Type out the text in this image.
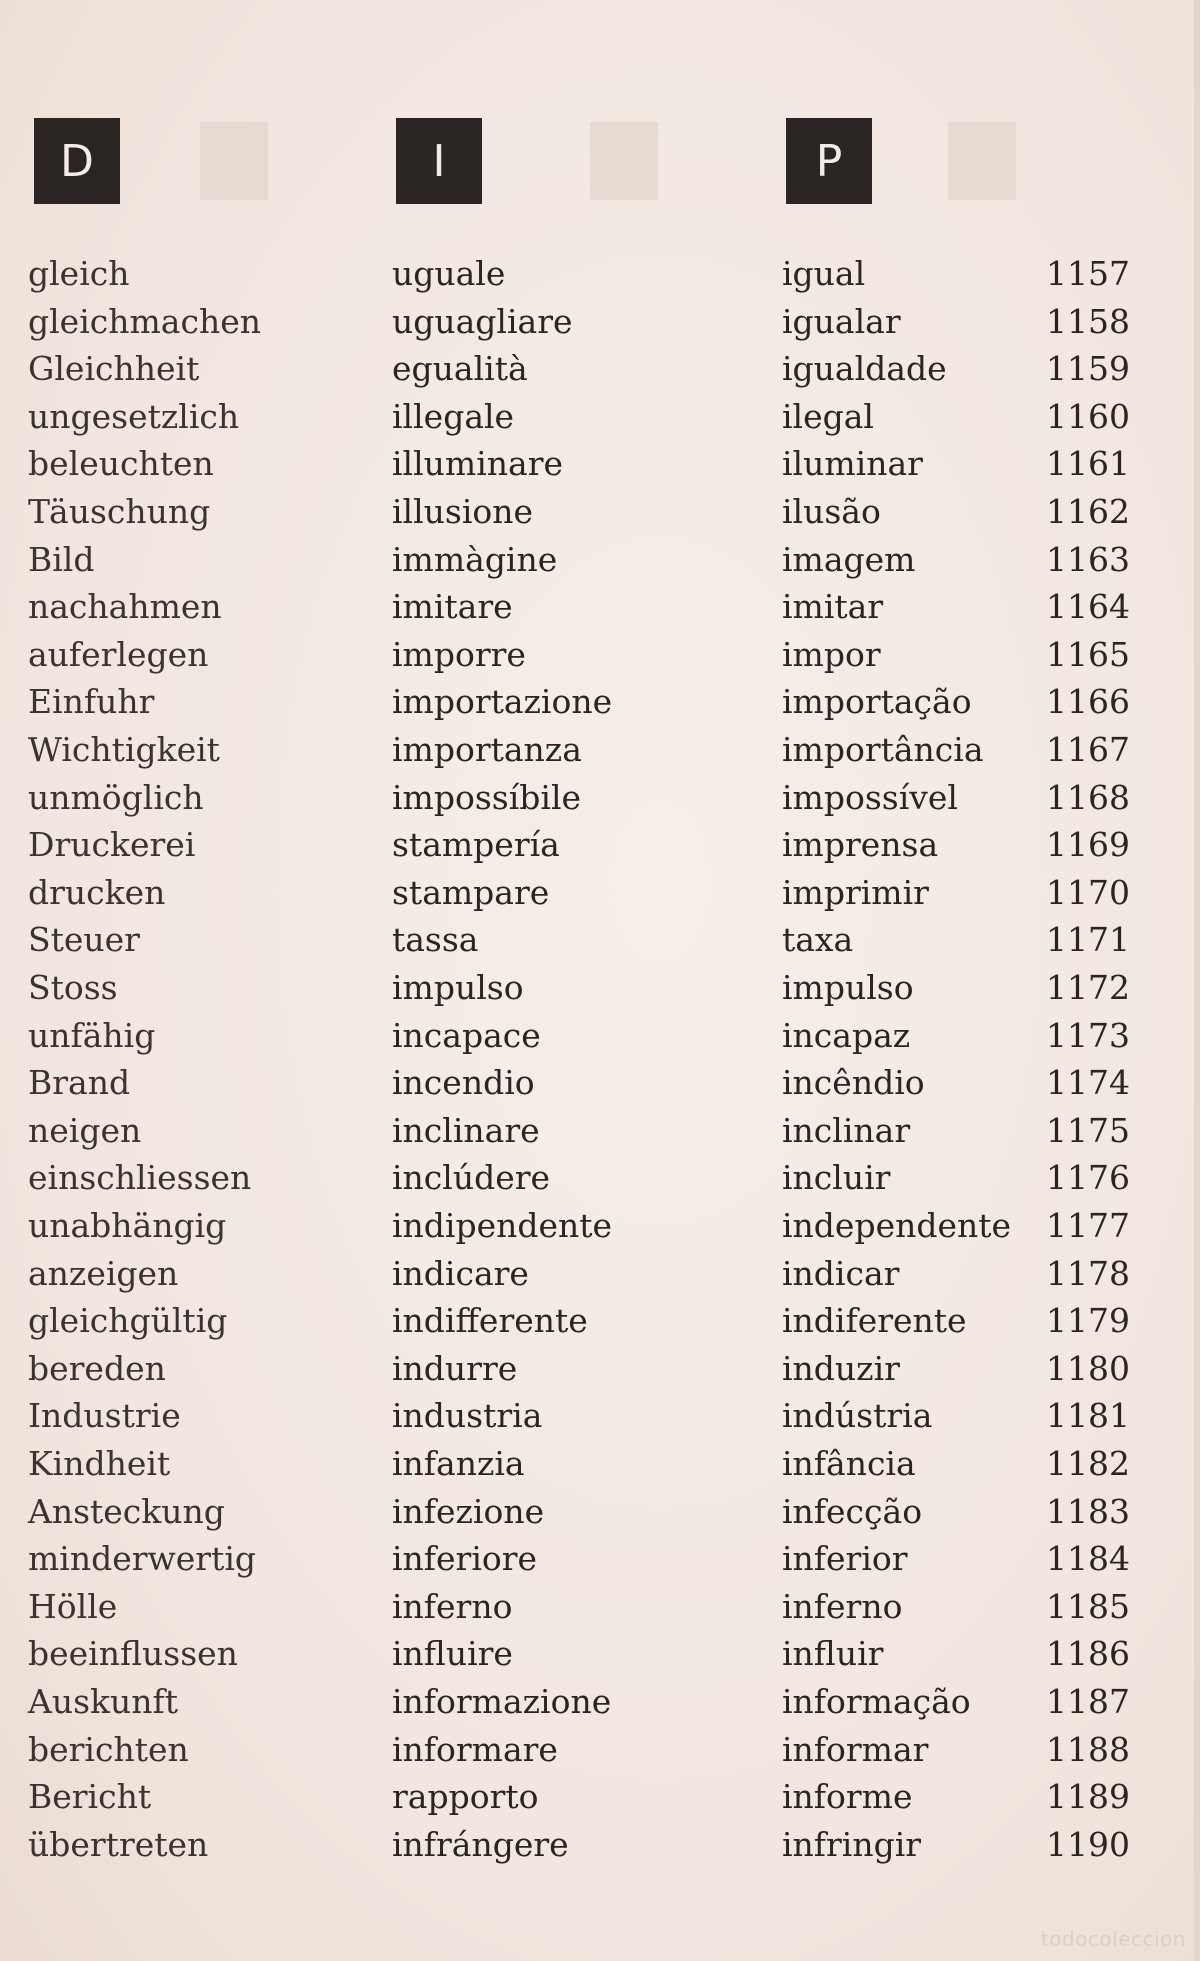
D	I	P
gleich	uguale	igual	1157
gleichmachen	uguagliare	igualar	1158
Gleichheit	egualità	igualdade	1159
ungesetzlich	illegale	ilegal	1160
beleuchten	illuminare	iluminar	1161
Täuschung	illusione	ilusão	1162
Bild	immàgine	imagem	1163
nachahmen	imitare	imitar	1164
auferlegen	imporre	impor	1165
Einfuhr	importazione	importação 1166
Wichtigkeit	importanza	importância 1167
unmöglich	impossíbile	impossível	1168
Druckerei	stampería	imprensa	1169
drucken	stampare	imprimir	1170
Steuer	tassa	taxa	1171
Stoss	impulso	impulso	1172
unfähig	incapace	incapaz	1173
Brand	incendio	incêndio	1174
neigen	inclinare	inclinar	1175
einschliessen	inclúdere	incluir	1176
unabhängig	indipendente	independente 1177
anzeigen	indicare	indicar	1178
gleichgültig	indifferente	indiferente 1179
bereden	indurre	induzir	1180
Industrie	industria	indústria	1181
Kindheit	infanzia	infância	1182
Ansteckung	infezione	infecção	1183
minderwertig	inferiore	inferior	1184
Hölle	inferno	inferno	1185
beeinflussen	influire	influir	1186
Auskunft	informazione	informação 1187
berichten	informare	informar	1188
Bericht	rapporto	informe	1189
übertreten	infrángere	infringir	1190
todocoleccion
